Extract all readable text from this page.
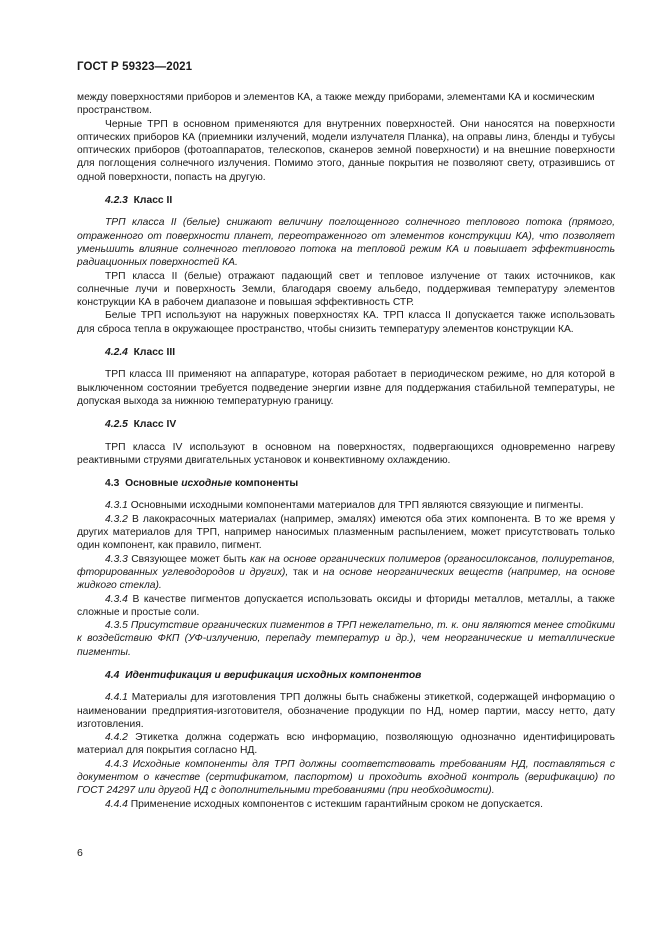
ГОСТ Р 59323—2021

между поверхностями приборов и элементов КА, а также между приборами, элементами КА и космическим пространством.

Черные ТРП в основном применяются для внутренних поверхностей. Они наносятся на поверхности оптических приборов КА (приемники излучений, модели излучателя Планка), на оправы линз, бленды и тубусы оптических приборов (фотоаппаратов, телескопов, сканеров земной поверхности) и на внешние поверхности для поглощения солнечного излучения. Помимо этого, данные покрытия не позволяют свету, отразившись от одной поверхности, попасть на другую.

4.2.3 Класс II

ТРП класса II (белые) снижают величину поглощенного солнечного теплового потока (прямого, отраженного от поверхности планет, переотраженного от элементов конструкции КА), что позволяет уменьшить влияние солнечного теплового потока на тепловой режим КА и повышает эффективность радиационных поверхностей КА.

ТРП класса II (белые) отражают падающий свет и тепловое излучение от таких источников, как солнечные лучи и поверхность Земли, благодаря своему альбедо, поддерживая температуру элементов конструкции КА в рабочем диапазоне и повышая эффективность СТР.

Белые ТРП используют на наружных поверхностях КА. ТРП класса II допускается также использовать для сброса тепла в окружающее пространство, чтобы снизить температуру элементов конструкции КА.

4.2.4 Класс III

ТРП класса III применяют на аппаратуре, которая работает в периодическом режиме, но для которой в выключенном состоянии требуется подведение энергии извне для поддержания стабильной температуры, не допуская выхода за нижнюю температурную границу.

4.2.5 Класс IV

ТРП класса IV используют в основном на поверхностях, подвергающихся одновременно нагреву реактивными струями двигательных установок и конвективному охлаждению.

4.3 Основные исходные компоненты

4.3.1 Основными исходными компонентами материалов для ТРП являются связующие и пигменты.

4.3.2 В лакокрасочных материалах (например, эмалях) имеются оба этих компонента. В то же время у других материалов для ТРП, например наносимых плазменным распылением, может присутствовать только один компонент, как правило, пигмент.

4.3.3 Связующее может быть как на основе органических полимеров (органосилоксанов, полиуретанов, фторированных углеводородов и других), так и на основе неорганических веществ (например, на основе жидкого стекла).

4.3.4 В качестве пигментов допускается использовать оксиды и фториды металлов, металлы, а также сложные и простые соли.

4.3.5 Присутствие органических пигментов в ТРП нежелательно, т. к. они являются менее стойкими к воздействию ФКП (УФ-излучению, перепаду температур и др.), чем неорганические и металлические пигменты.

4.4 Идентификация и верификация исходных компонентов

4.4.1 Материалы для изготовления ТРП должны быть снабжены этикеткой, содержащей информацию о наименовании предприятия-изготовителя, обозначение продукции по НД, номер партии, массу нетто, дату изготовления.

4.4.2 Этикетка должна содержать всю информацию, позволяющую однозначно идентифицировать материал для покрытия согласно НД.

4.4.3 Исходные компоненты для ТРП должны соответствовать требованиям НД, поставляться с документом о качестве (сертификатом, паспортом) и проходить входной контроль (верификацию) по ГОСТ 24297 или другой НД с дополнительными требованиями (при необходимости).

4.4.4 Применение исходных компонентов с истекшим гарантийным сроком не допускается.

6
